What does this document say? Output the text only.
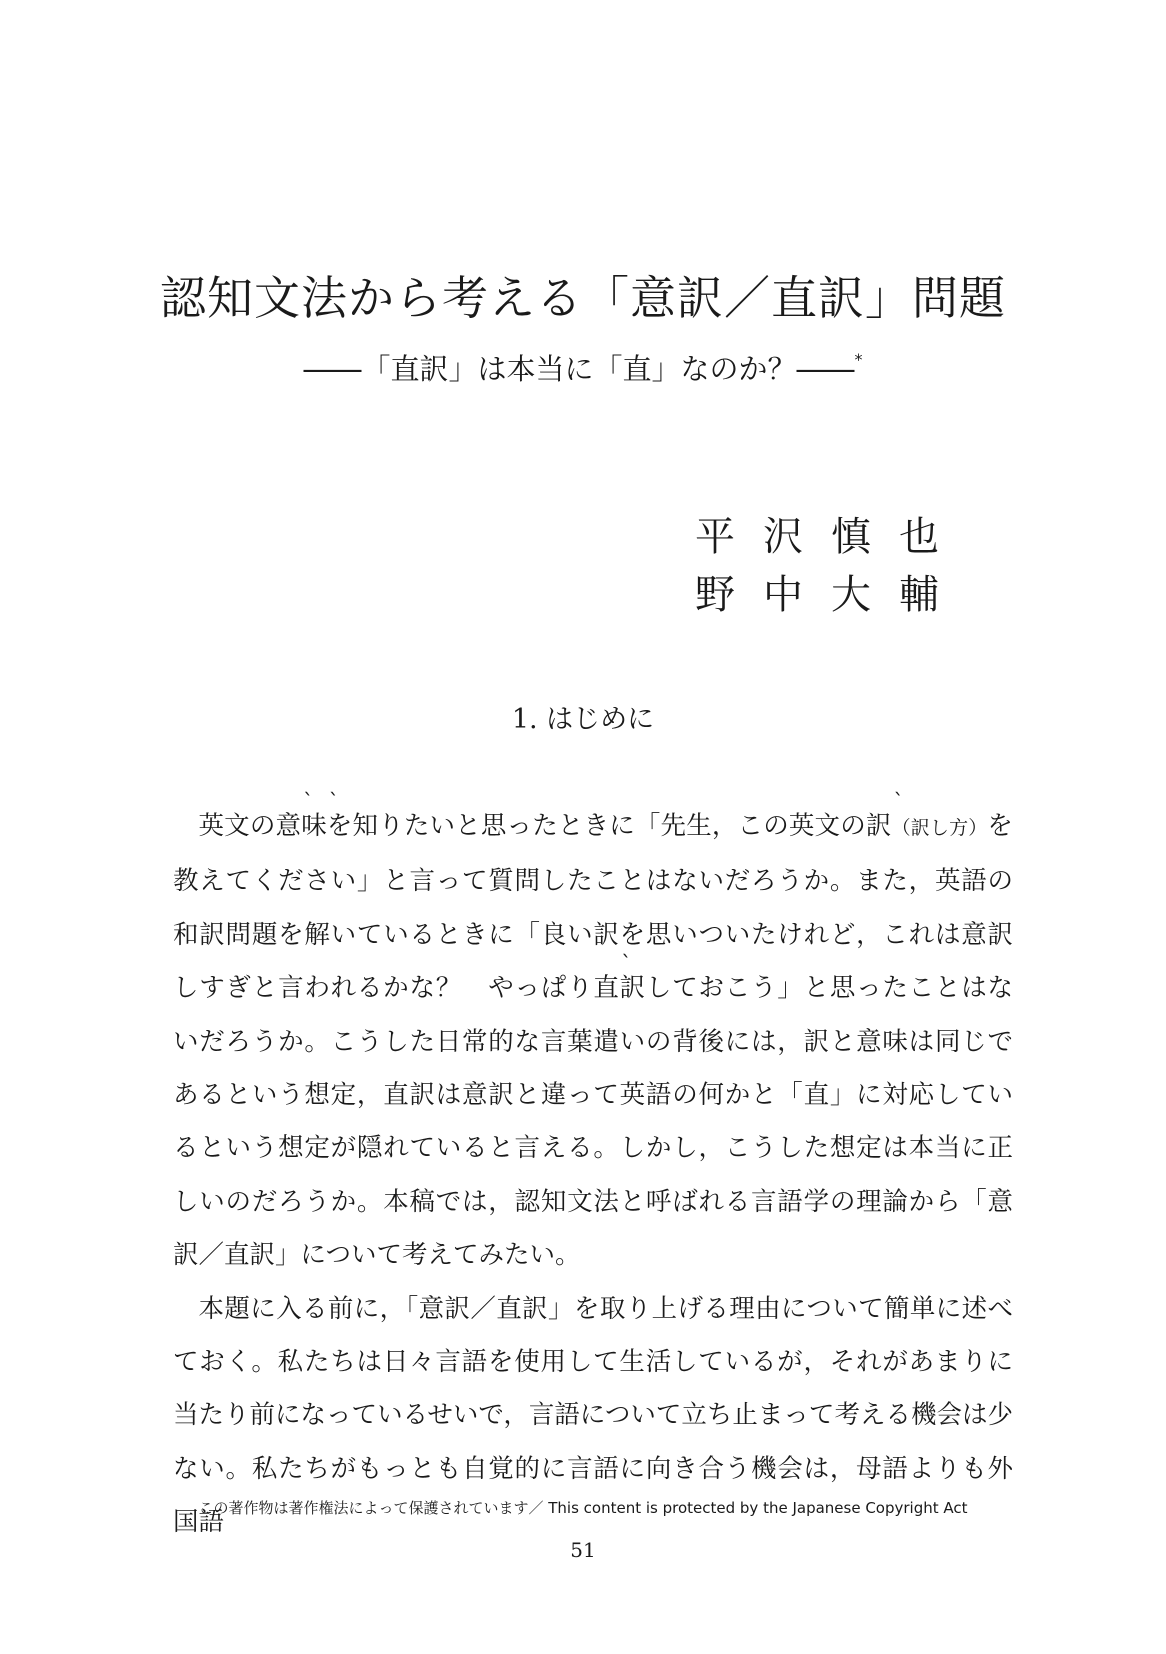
認知文法から考える「意訳／直訳」問題
――「直訳」は本当に「直」なのか？――*
平沢慎也
野中大輔
1. はじめに

英文のˋ 意ˋ 味を知りたいと思ったときに「先生，この英文のˋ 訳（訳し方）を教えてください」と言って質問したことはないだろうか。また，英語の和訳問題を解いているときに「良い訳を思いついたけれど，これは意訳しすぎと言われるかな？　やっぱりˋ 直訳しておこう」と思ったことはないだろうか。こうした日常的な言葉遣いの背後には，訳と意味は同じであるという想定，直訳は意訳と違って英語の何かと「直」に対応しているという想定が隠れていると言える。しかし，こうした想定は本当に正しいのだろうか。本稿では，認知文法と呼ばれる言語学の理論から「意訳／直訳」について考えてみたい。

本題に入る前に，「意訳／直訳」を取り上げる理由について簡単に述べておく。私たちは日々言語を使用して生活しているが，それがあまりに当たり前になっているせいで，言語について立ち止まって考える機会は少ない。私たちがもっとも自覚的に言語に向き合う機会は，母語よりも外国語

この著作物は著作権法によって保護されています／ This content is protected by the Japanese Copyright Act
51
